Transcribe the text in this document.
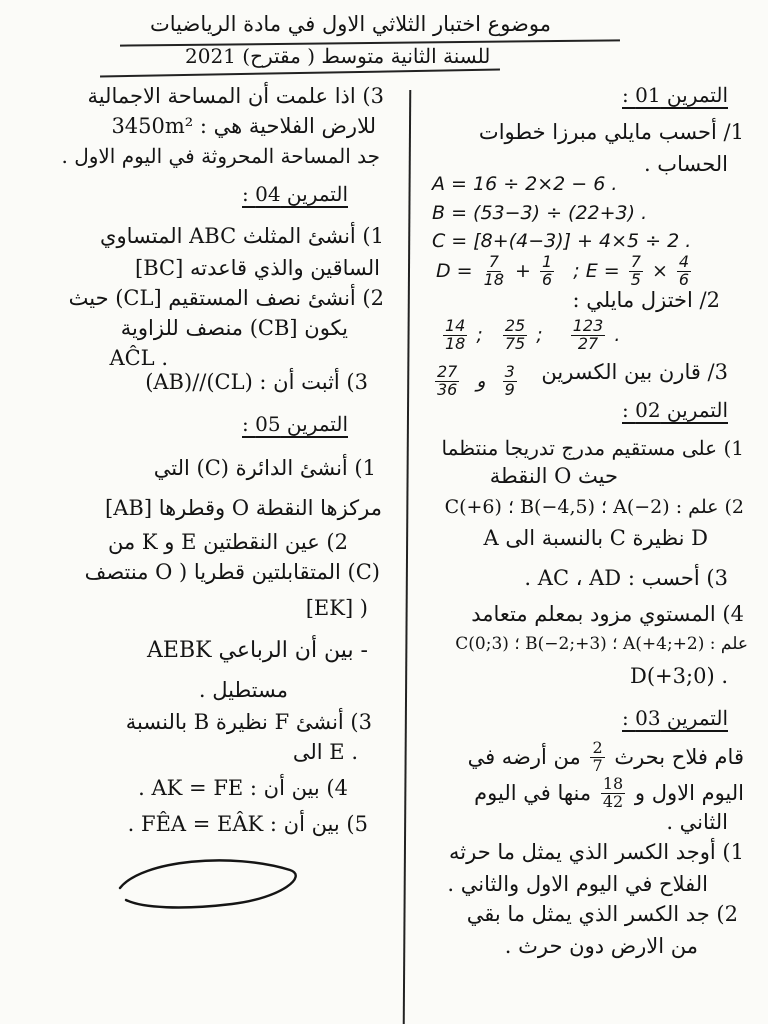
موضوع اختبار الثلاثي الاول في مادة الرياضيات
للسنة الثانية متوسط ( مقترح) 2021
التمرين 01 :
1/ أحسب مايلي مبرزا خطوات
الحساب .
A = 16 ÷ 2×2 − 6 .
B = (53−3) ÷ (22+3) .
C = [8+(4−3)] + 4×5 ÷ 2 .
$D = \frac{7}{18} + \frac{1}{6}$ ; $E = \frac{7}{5} \times \frac{4}{6}$
2/ اختزل مايلي :
$\frac{14}{18}$ ; $\frac{25}{75}$ ; $\frac{123}{27}$ .
3/ قارن بين الكسرين
$\frac{27}{36}$ و $\frac{3}{9}$
التمرين 02 :
1) على مستقيم مدرج تدريجا منتظما
حيث O النقطة
2) علم : A(−2) ؛ B(−4,5) ؛ C(+6)
D نظيرة C بالنسبة الى A
3) أحسب : AC ، AD .
4) المستوي مزود بمعلم متعامد
علم : A(+4;+2) ؛ B(−2;+3) ؛ C(0;3)
. D(+3;0)
التمرين 03 :
قام فلاح بحرث
$\frac{2}{7}$
من أرضه في
اليوم الاول و
$\frac{18}{42}$
منها في اليوم
الثاني .
1) أوجد الكسر الذي يمثل ما حرثه
الفلاح في اليوم الاول والثاني .
2) جد الكسر الذي يمثل ما بقي
من الارض دون حرث .
3) اذا علمت أن المساحة الاجمالية
للارض الفلاحية هي : 3450m²
جد المساحة المحروثة في اليوم الاول .
التمرين 04 :
1) أنشئ المثلث ABC المتساوي
الساقين والذي قاعدته [BC]
2) أنشئ نصف المستقيم [CL) حيث
يكون [CB) منصف للزاوية
. AĈL
3) أثبت أن : (CL)//(AB)
التمرين 05 :
1) أنشئ الدائرة (C) التي
مركزها النقطة O وقطرها [AB]
2) عين النقطتين E و K من
(C) المتقابلتين قطريا ( O منتصف
( [EK]
- بين أن الرباعي AEBK
مستطيل .
3) أنشئ F نظيرة B بالنسبة
. E الى
4) بين أن : AK = FE .
5) بين أن : FÊA = EÂK .
